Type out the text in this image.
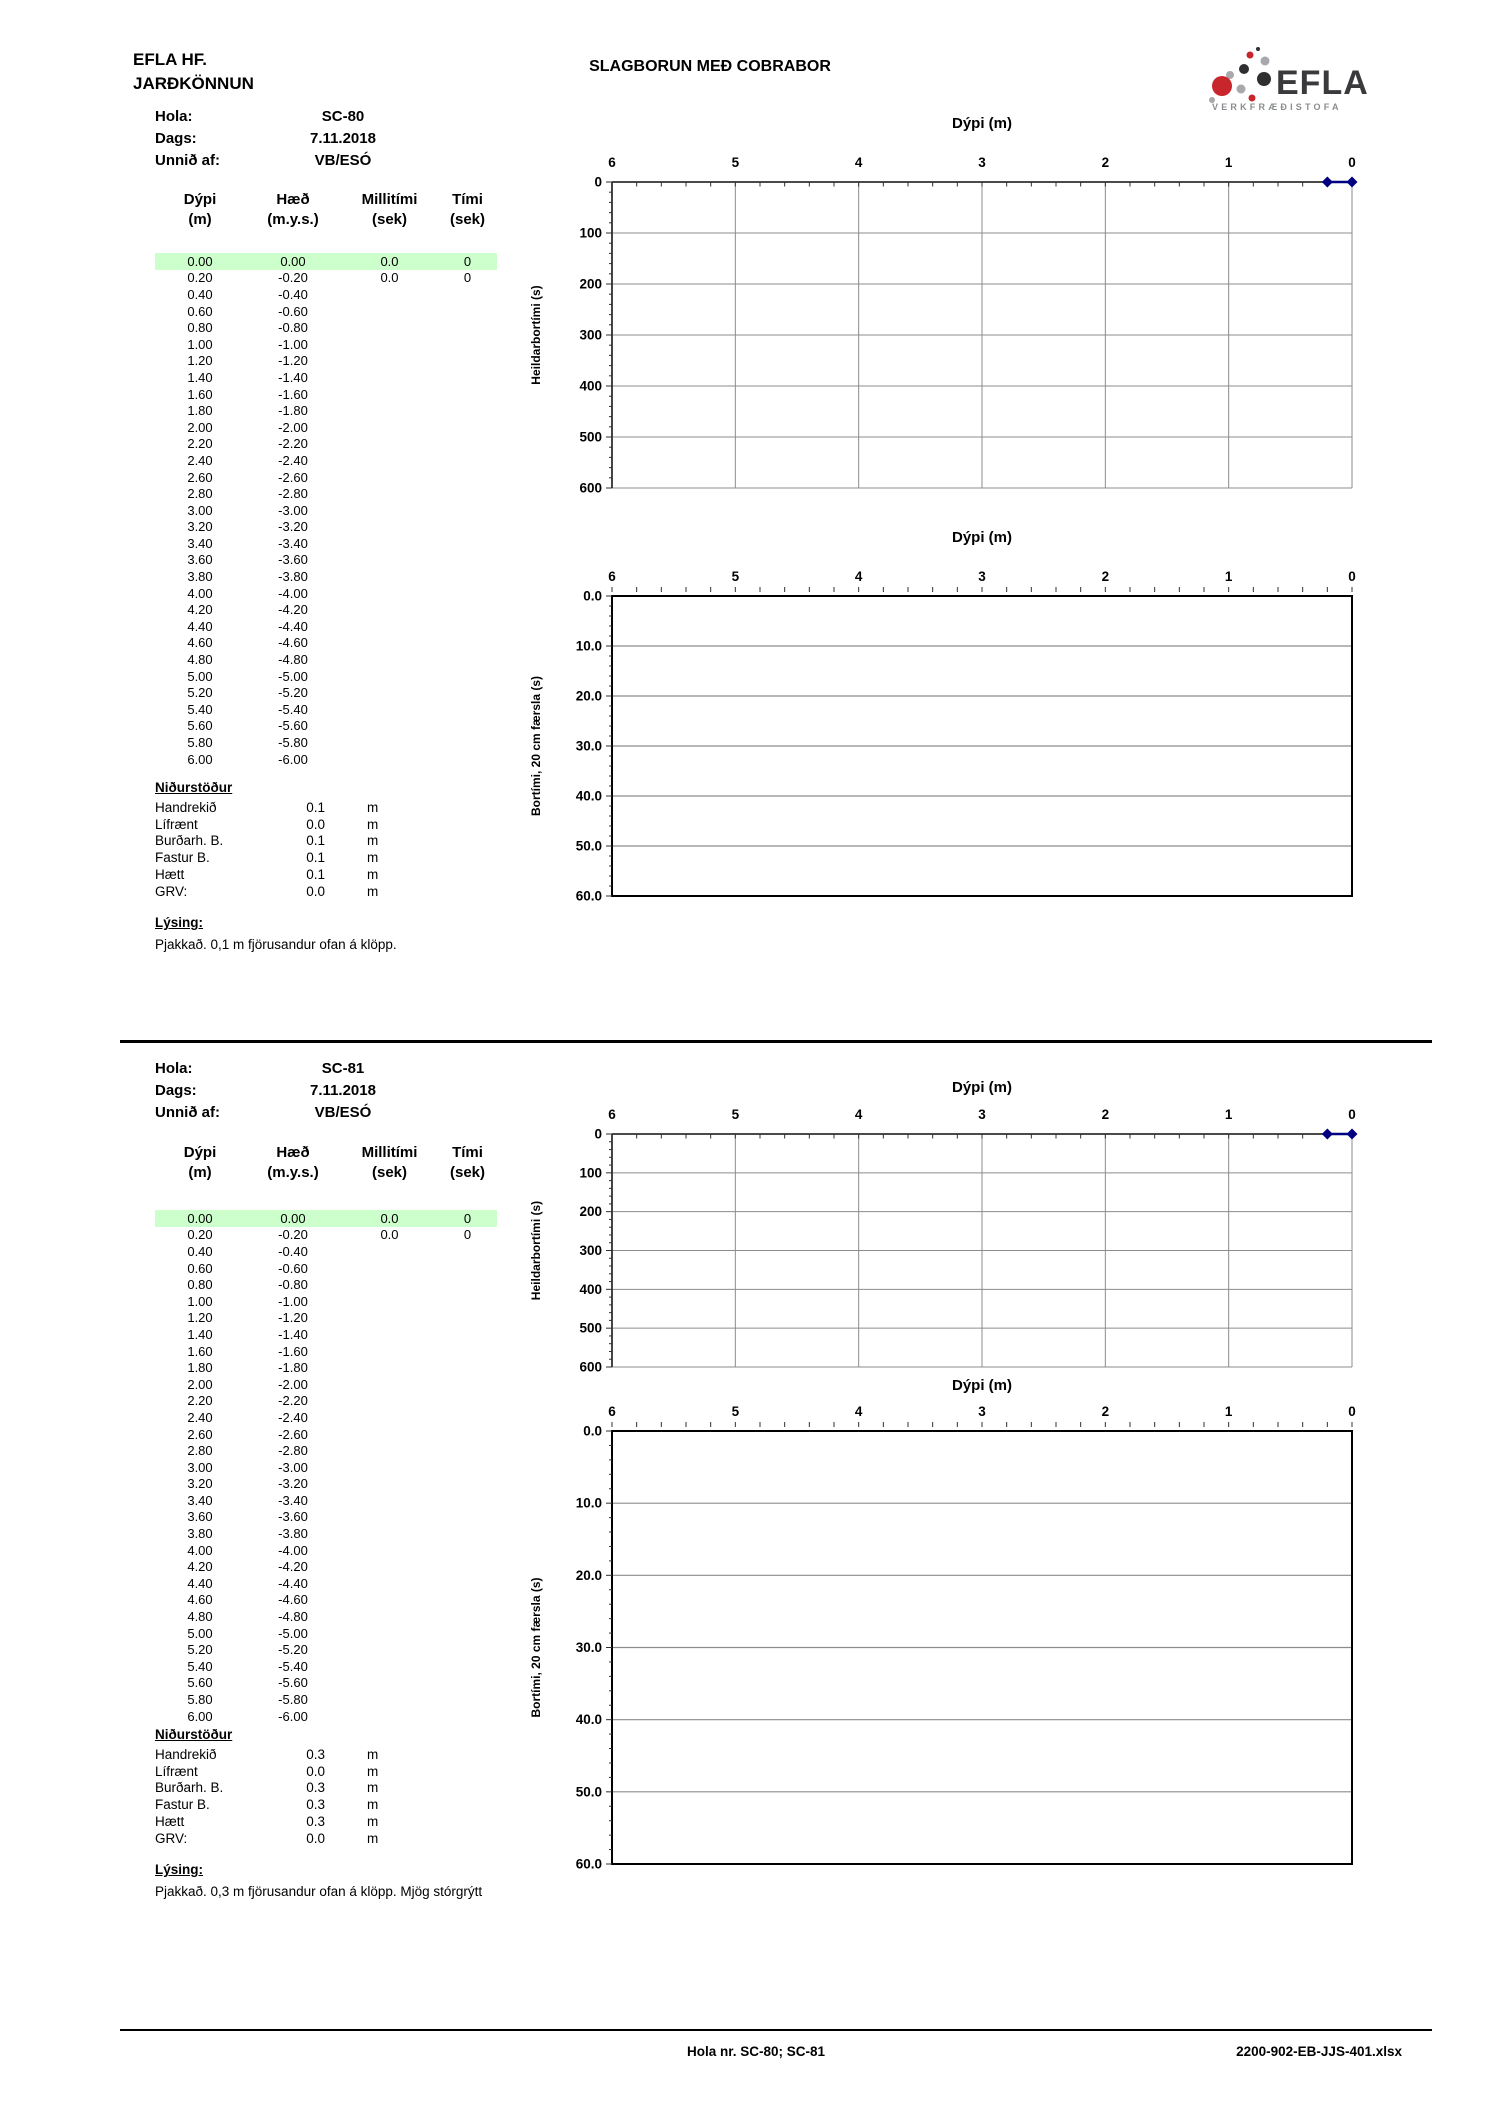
EFLA HF.
JARÐKÖNNUN
SLAGBORUN MEÐ COBRABOR	EFLA
VERKFRÆÐISTOFA
Hola:	SC-80
Dags:	7.11.2018
Unnið af:	VB/ESÓ
Dýpi
(m)
Hæð
(m.y.s.)
Millitími
(sek)
Tími
(sek)
0.00	0.00	0.0	0
0.20	-0.20	0.0	0
0.40	-0.40
0.60	-0.60
0.80	-0.80
1.00	-1.00
1.20	-1.20
1.40	-1.40
1.60	-1.60
1.80	-1.80
2.00	-2.00
2.20	-2.20
2.40	-2.40
2.60	-2.60
2.80	-2.80
3.00	-3.00
3.20	-3.20
3.40	-3.40
3.60	-3.60
3.80	-3.80
4.00	-4.00
4.20	-4.20
4.40	-4.40
4.60	-4.60
4.80	-4.80
5.00	-5.00
5.20	-5.20
5.40	-5.40
5.60	-5.60
5.80	-5.80
6.00	-6.00
Niðurstöður
Handrekið	0.1	m
Lífrænt	0.0	m
Burðarh. B.	0.1	m
Fastur B.	0.1	m
Hætt	0.1	m
GRV:	0.0	m
Lýsing:
Pjakkað. 0,1 m fjörusandur ofan á klöpp.
Dýpi (m)
6	5	4	3	2	1	0
0
100
200
300
400
500
600
Heildarbortími (s)
Dýpi (m)
6	5	4	3	2	1	0
0.0
10.0
20.0
30.0
40.0
50.0
60.0
Bortími, 20 cm færsla (s)
Hola:	SC-81
Dags:	7.11.2018
Unnið af:	VB/ESÓ
Dýpi
(m)
Hæð
(m.y.s.)
Millitími
(sek)
Tími
(sek)
0.00	0.00	0.0	0
0.20	-0.20	0.0	0
0.40	-0.40
0.60	-0.60
0.80	-0.80
1.00	-1.00
1.20	-1.20
1.40	-1.40
1.60	-1.60
1.80	-1.80
2.00	-2.00
2.20	-2.20
2.40	-2.40
2.60	-2.60
2.80	-2.80
3.00	-3.00
3.20	-3.20
3.40	-3.40
3.60	-3.60
3.80	-3.80
4.00	-4.00
4.20	-4.20
4.40	-4.40
4.60	-4.60
4.80	-4.80
5.00	-5.00
5.20	-5.20
5.40	-5.40
5.60	-5.60
5.80	-5.80
6.00	-6.00
Niðurstöður
Handrekið	0.3	m
Lífrænt	0.0	m
Burðarh. B.	0.3	m
Fastur B.	0.3	m
Hætt	0.3	m
GRV:	0.0	m
Lýsing:
Pjakkað. 0,3 m fjörusandur ofan á klöpp. Mjög stórgrýtt
Dýpi (m)
6	5	4	3	2	1	0
0
100
200
300
400
500
600
Heildarbortími (s)
Dýpi (m)
6	5	4	3	2	1	0
0.0
10.0
20.0
30.0
40.0
50.0
60.0
Bortími, 20 cm færsla (s)
Hola nr. SC-80; SC-81	2200-902-EB-JJS-401.xlsx
